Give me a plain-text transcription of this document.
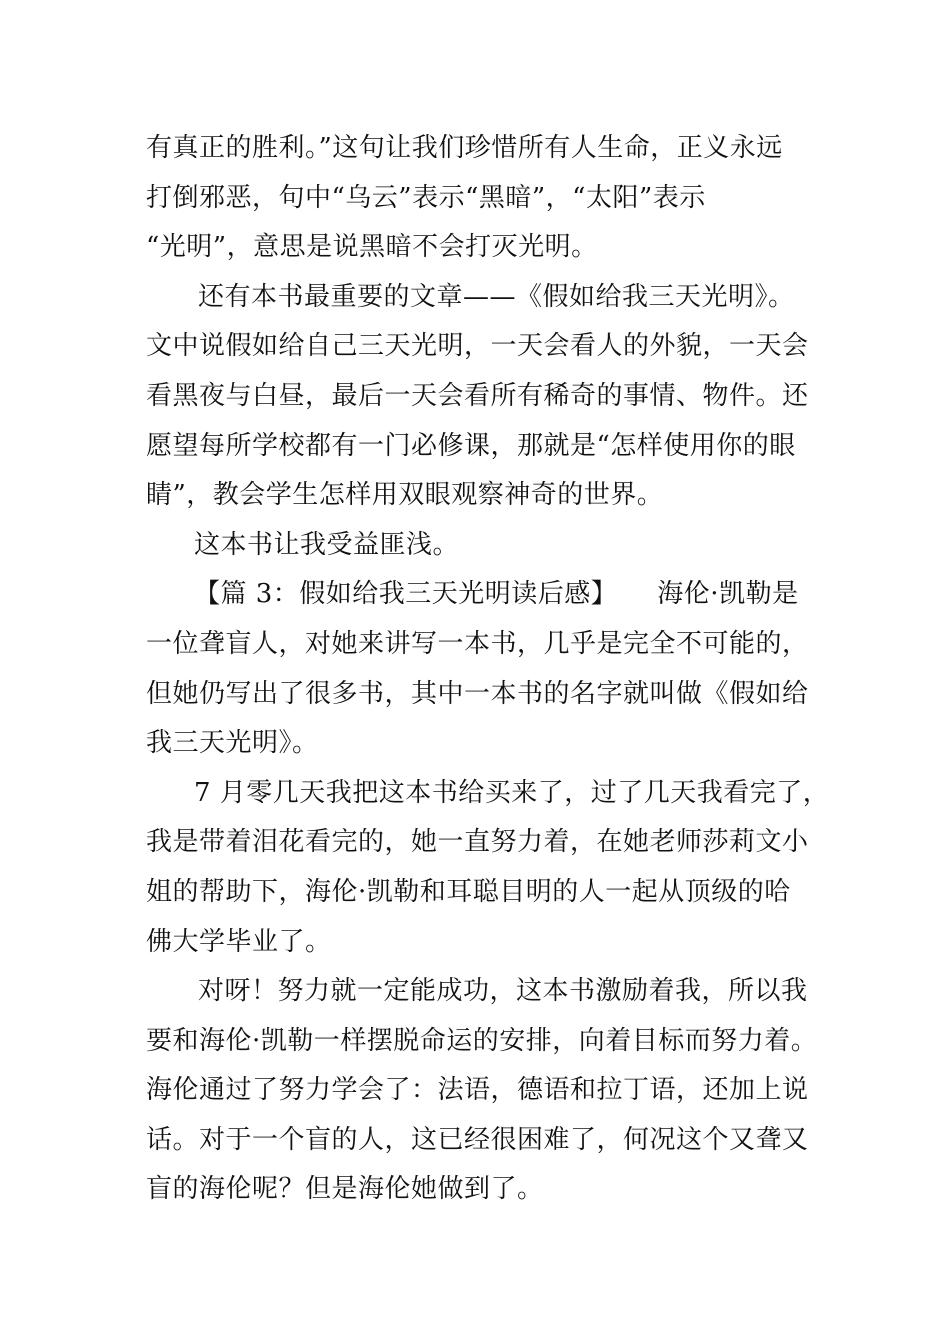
有真正的胜利。”这句让我们珍惜所有人生命，正义永远
打倒邪恶，句中“乌云”表示“黑暗”，“太阳”表示
“光明”，意思是说黑暗不会打灭光明。
还有本书最重要的文章——《假如给我三天光明》。
文中说假如给自己三天光明，一天会看人的外貌，一天会
看黑夜与白昼，最后一天会看所有稀奇的事情、物件。还
愿望每所学校都有一门必修课，那就是“怎样使用你的眼
睛”，教会学生怎样用双眼观察神奇的世界。
这本书让我受益匪浅。
【篇 3：假如给我三天光明读后感】　　海伦·凯勒是
一位聋盲人，对她来讲写一本书，几乎是完全不可能的，
但她仍写出了很多书，其中一本书的名字就叫做《假如给
我三天光明》。
7 月零几天我把这本书给买来了，过了几天我看完了，
我是带着泪花看完的，她一直努力着，在她老师莎莉文小
姐的帮助下，海伦·凯勒和耳聪目明的人一起从顶级的哈
佛大学毕业了。
对呀！努力就一定能成功，这本书激励着我，所以我
要和海伦·凯勒一样摆脱命运的安排，向着目标而努力着。
海伦通过了努力学会了：法语，德语和拉丁语，还加上说
话。对于一个盲的人，这已经很困难了，何况这个又聋又
盲的海伦呢？但是海伦她做到了。
